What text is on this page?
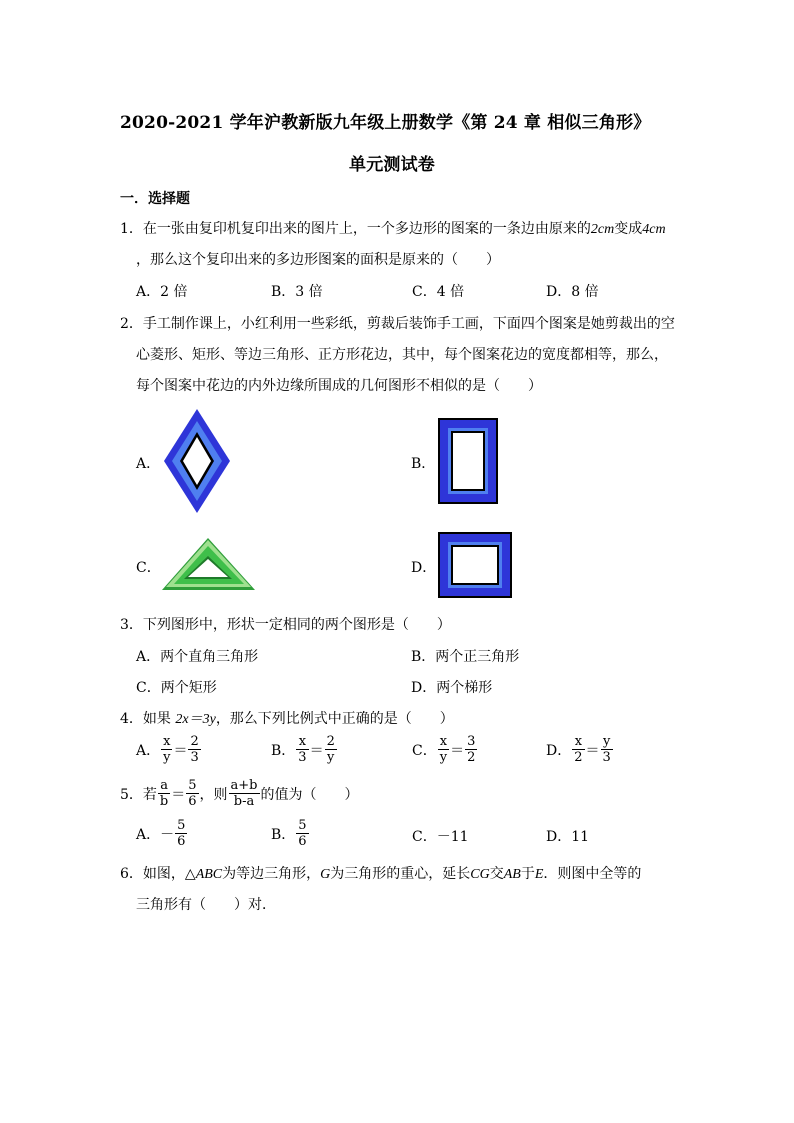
2020-2021 学年沪教新版九年级上册数学《第 24 章 相似三角形》
单元测试卷
一．选择题
1．在一张由复印机复印出来的图片上，一个多边形的图案的一条边由原来的2cm变成4cm
，那么这个复印出来的多边形图案的面积是原来的（　　）
A．2 倍	B．3 倍	C．4 倍	D．8 倍
2．手工制作课上，小红利用一些彩纸，剪裁后装饰手工画，下面四个图案是她剪裁出的空
心菱形、矩形、等边三角形、正方形花边，其中，每个图案花边的宽度都相等，那么，
每个图案中花边的内外边缘所围成的几何图形不相似的是（　　）
A．	B．
C．	D．
3．下列图形中，形状一定相同的两个图形是（　　）
A．两个直角三角形	B．两个正三角形
C．两个矩形	D．两个梯形
4．如果 2x＝3y，那么下列比例式中正确的是（　　）
A． $\frac{x}{y} = \frac{2}{3}$	B． $\frac{x}{3} = \frac{2}{y}$	C． $\frac{x}{y} = \frac{3}{2}$	D． $\frac{x}{2} = \frac{y}{3}$
5．若 $\frac{a}{b} = \frac{5}{6}$ ，则 $\frac{a+b}{b-a}$ 的值为（　　）
A．－ $\frac{5}{6}$	B． $\frac{5}{6}$	C．－11	D．11
6．如图，△ABC为等边三角形，G为三角形的重心，延长CG交AB于E．则图中全等的
三角形有（　　）对．
